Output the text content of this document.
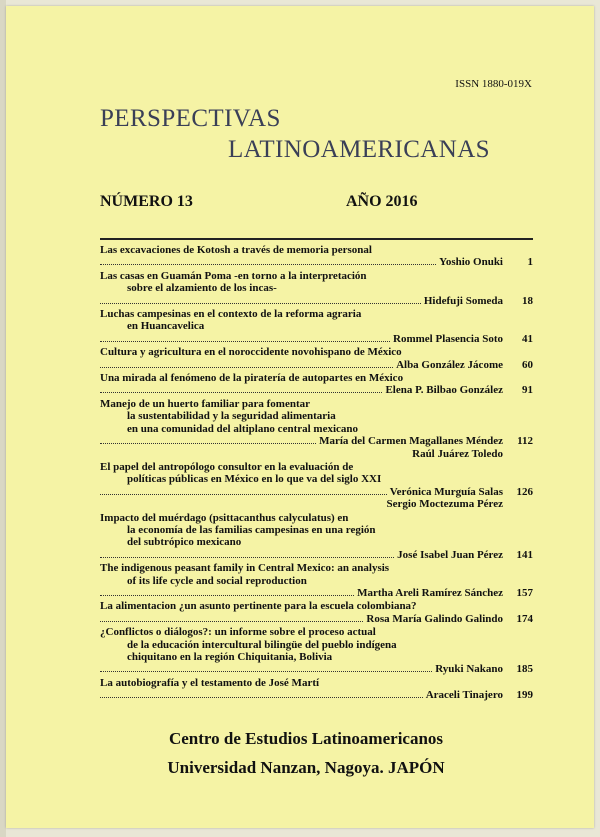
ISSN 1880-019X
PERSPECTIVAS
LATINOAMERICANAS
NÚMERO 13	AÑO 2016
Las excavaciones de Kotosh a través de memoria personal
Yoshio Onuki	1
Las casas en Guamán Poma -en torno a la interpretación
sobre el alzamiento de los incas-
Hidefuji Someda	18
Luchas campesinas en el contexto de la reforma agraria
en Huancavelica
Rommel Plasencia Soto	41
Cultura y agricultura en el noroccidente novohispano de México
Alba González Jácome	60
Una mirada al fenómeno de la piratería de autopartes en México
Elena P. Bilbao González	91
Manejo de un huerto familiar para fomentar
la sustentabilidad y la seguridad alimentaria
en una comunidad del altiplano central mexicano
María del Carmen Magallanes Méndez	112
Raúl Juárez Toledo
El papel del antropólogo consultor en la evaluación de
políticas públicas en México en lo que va del siglo XXI
Verónica Murguía Salas	126
Sergio Moctezuma Pérez
Impacto del muérdago (psittacanthus calyculatus) en
la economía de las familias campesinas en una región
del subtrópico mexicano
José Isabel Juan Pérez	141
The indigenous peasant family in Central Mexico: an analysis
of its life cycle and social reproduction
Martha Areli Ramírez Sánchez	157
La alimentacion ¿un asunto pertinente para la escuela colombiana?
Rosa María Galindo Galindo	174
¿Conflictos o diálogos?: un informe sobre el proceso actual
de la educación intercultural bilingüe del pueblo indígena
chiquitano en la región Chiquitania, Bolivia
Ryuki Nakano	185
La autobiografía y el testamento de José Martí
Araceli Tinajero	199
Centro de Estudios Latinoamericanos
Universidad Nanzan, Nagoya. JAPÓN
